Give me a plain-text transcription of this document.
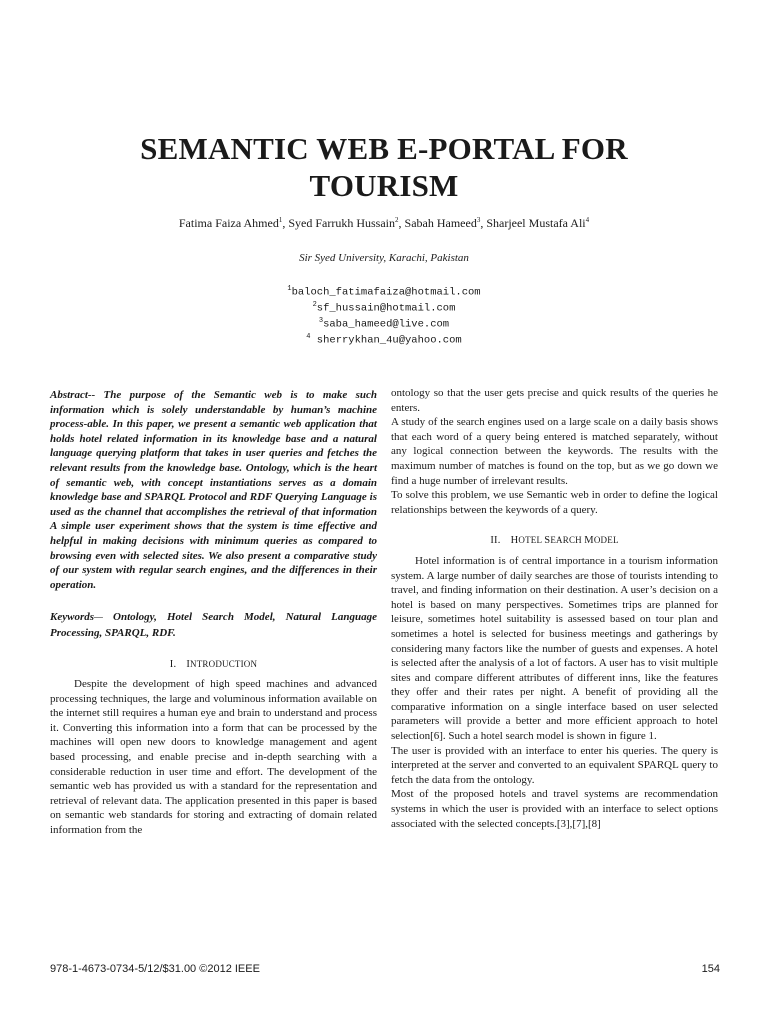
SEMANTIC WEB E-PORTAL FOR
TOURISM
Fatima Faiza Ahmed$^1$, Syed Farrukh Hussain$^2$, Sabah Hameed$^3$, Sharjeel Mustafa Ali$^4$
Sir Syed University, Karachi, Pakistan
$^1$baloch_fatimafaiza@hotmail.com
$^2$sf_hussain@hotmail.com
$^3$saba_hameed@live.com
$^4$ sherrykhan_4u@yahoo.com

Abstract-- The purpose of the Semantic web is to make such information which is solely understandable by human’s machine process-able. In this paper, we present a semantic web application that holds hotel related information in its knowledge base and a natural language querying platform that takes in user queries and fetches the relevant results from the knowledge base. Ontology, which is the heart of semantic web, with concept instantiations serves as a domain knowledge base and SPARQL Protocol and RDF Querying Language is used as the channel that accomplishes the retrieval of that information A simple user experiment shows that the system is time effective and helpful in making decisions with minimum queries as compared to browsing even with selected sites. We also present a comparative study of our system with regular search engines, and the differences in their operation.

Keywords— Ontology, Hotel Search Model, Natural Language Processing, SPARQL, RDF.

I. INTRODUCTION

Despite the development of high speed machines and advanced processing techniques, the large and voluminous information available on the internet still requires a human eye and brain to understand and process it. Converting this information into a form that can be processed by the machines will open new doors to knowledge management and agent based processing, and enable precise and in-depth searching with a considerable reduction in user time and effort. The development of the semantic web has provided us with a standard for the representation and retrieval of relevant data. The application presented in this paper is based on semantic web standards for storing and extracting of domain related information from the

ontology so that the user gets precise and quick results of the queries he enters.

A study of the search engines used on a large scale on a daily basis shows that each word of a query being entered is matched separately, without any logical connection between the keywords. The results with the maximum number of matches is found on the top, but as we go down we find a huge number of irrelevant results.

To solve this problem, we use Semantic web in order to define the logical relationships between the keywords of a query.

II. HOTEL SEARCH MODEL

Hotel information is of central importance in a tourism information system. A large number of daily searches are those of tourists intending to travel, and finding information on their destination. A user’s decision on a hotel is based on many perspectives. Sometimes trips are planned for leisure, sometimes hotel suitability is assessed based on tour plan and sometimes a hotel is selected for business meetings and gatherings by considering many factors like the number of guests and expenses. A hotel is selected after the analysis of a lot of factors. A user has to visit multiple sites and compare different attributes of different inns, like the features they offer and their rates per night. A benefit of providing all the comparative information on a single interface based on user selected parameters will provide a better and more efficient approach to hotel selection[6]. Such a hotel search model is shown in figure 1.

The user is provided with an interface to enter his queries. The query is interpreted at the server and converted to an equivalent SPARQL query to fetch the data from the ontology.

Most of the proposed hotels and travel systems are recommendation systems in which the user is provided with an interface to select options associated with the selected concepts.[3],[7],[8]

978-1-4673-0734-5/12/$31.00 ©2012 IEEE	154
